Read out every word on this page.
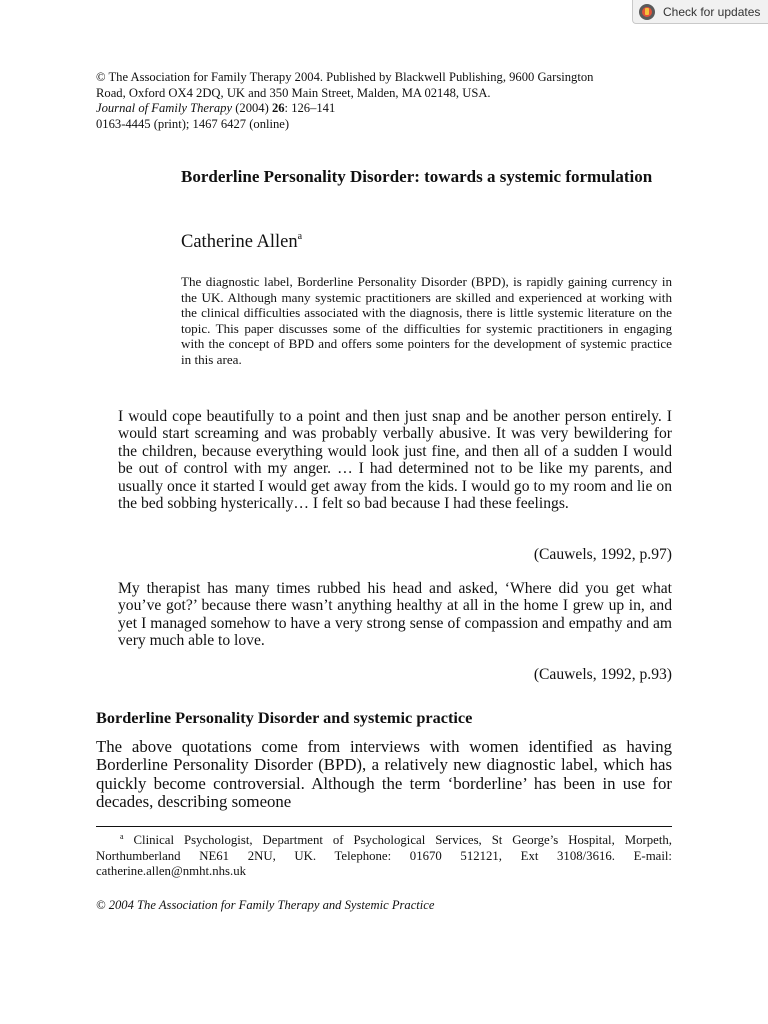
Check for updates
© The Association for Family Therapy 2004. Published by Blackwell Publishing, 9600 Garsington
Road, Oxford OX4 2DQ, UK and 350 Main Street, Malden, MA 02148, USA.
Journal of Family Therapy (2004) 26: 126–141
0163-4445 (print); 1467 6427 (online)
Borderline Personality Disorder: towards a systemic formulation
Catherine Allen$^a$

The diagnostic label, Borderline Personality Disorder (BPD), is rapidly gaining currency in the UK. Although many systemic practitioners are skilled and experienced at working with the clinical difficulties associated with the diagnosis, there is little systemic literature on the topic. This paper discusses some of the difficulties for systemic practitioners in engaging with the concept of BPD and offers some pointers for the development of systemic practice in this area.

I would cope beautifully to a point and then just snap and be another person entirely. I would start screaming and was probably verbally abusive. It was very bewildering for the children, because everything would look just fine, and then all of a sudden I would be out of control with my anger. … I had determined not to be like my parents, and usually once it started I would get away from the kids. I would go to my room and lie on the bed sobbing hysterically… I felt so bad because I had these feelings.

(Cauwels, 1992, p.97)

My therapist has many times rubbed his head and asked, ‘Where did you get what you’ve got?’ because there wasn’t anything healthy at all in the home I grew up in, and yet I managed somehow to have a very strong sense of compassion and empathy and am very much able to love.

(Cauwels, 1992, p.93)

Borderline Personality Disorder and systemic practice

The above quotations come from interviews with women identified as having Borderline Personality Disorder (BPD), a relatively new diagnostic label, which has quickly become controversial. Although the term ‘borderline’ has been in use for decades, describing someone

$^a$ Clinical Psychologist, Department of Psychological Services, St George’s Hospital, Morpeth, Northumberland NE61 2NU, UK. Telephone: 01670 512121, Ext 3108/3616. E-mail: catherine.allen@nmht.nhs.uk

© 2004 The Association for Family Therapy and Systemic Practice
